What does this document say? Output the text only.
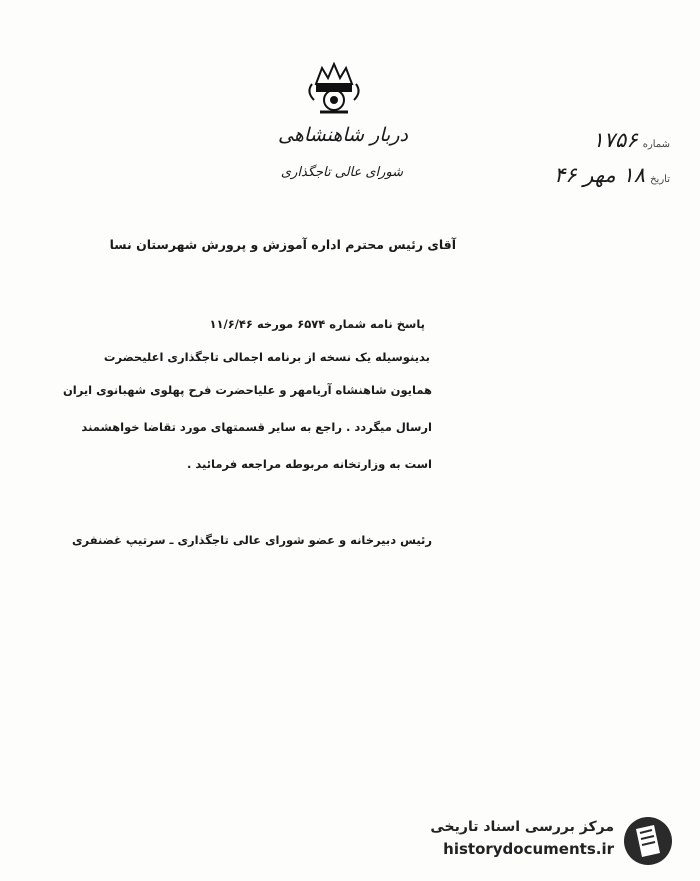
دربار شاهنشاهی
شورای عالی تاجگذاری
شماره ۱۷۵۶
تاریخ ۱۸ مهر ۴۶
آقای رئیس محترم اداره آموزش و پرورش شهرستان نسا
پاسخ نامه شماره ۶۵۷۴ مورخه ۱۱/۶/۴۶
بدینوسیله یک نسخه از برنامه اجمالی تاجگذاری اعلیحضرت
همایون شاهنشاه آریامهر و علیاحضرت فرح پهلوی شهبانوی ایران
ارسال میگردد . راجع به سایر قسمتهای مورد تقاضا خواهشمند
است به وزارتخانه مربوطه مراجعه فرمائید .
رئیس دبیرخانه و عضو شورای عالی تاجگذاری ـ سرتیپ غضنفری
مرکز بررسی اسناد تاریخی
historydocuments.ir
